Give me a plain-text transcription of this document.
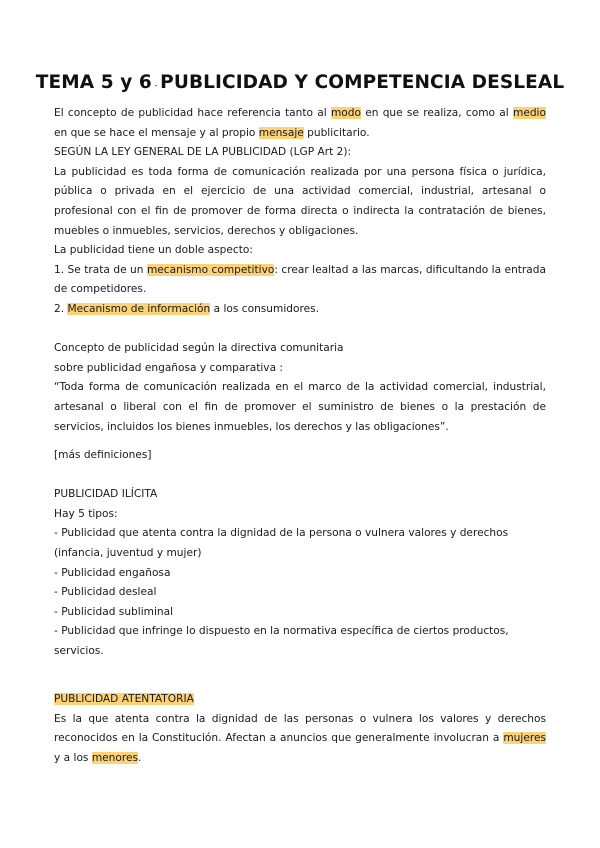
TEMA 5 y 6 - PUBLICIDAD Y COMPETENCIA DESLEAL

El concepto de publicidad hace referencia tanto al modo en que se realiza, como al medio en que se hace el mensaje y al propio mensaje publicitario.

SEGÚN LA LEY GENERAL DE LA PUBLICIDAD (LGP Art 2):

La publicidad es toda forma de comunicación realizada por una persona física o jurídica, pública o privada en el ejercicio de una actividad comercial, industrial, artesanal o profesional con el fin de promover de forma directa o indirecta la contratación de bienes, muebles o inmuebles, servicios, derechos y obligaciones.

La publicidad tiene un doble aspecto:

1. Se trata de un mecanismo competitivo: crear lealtad a las marcas, dificultando la entrada de competidores.

2. Mecanismo de información a los consumidores.

Concepto de publicidad según la directiva comunitaria

sobre publicidad engañosa y comparativa :

“Toda forma de comunicación realizada en el marco de la actividad comercial, industrial, artesanal o liberal con el fin de promover el suministro de bienes o la prestación de servicios, incluidos los bienes inmuebles, los derechos y las obligaciones”.

[más definiciones]

PUBLICIDAD ILÍCITA

Hay 5 tipos:

- Publicidad que atenta contra la dignidad de la persona o vulnera valores y derechos (infancia, juventud y mujer)

- Publicidad engañosa

- Publicidad desleal

- Publicidad subliminal

- Publicidad que infringe lo dispuesto en la normativa específica de ciertos productos, servicios.

PUBLICIDAD ATENTATORIA

Es la que atenta contra la dignidad de las personas o vulnera los valores y derechos reconocidos en la Constitución. Afectan a anuncios que generalmente involucran a mujeres y a los menores.
